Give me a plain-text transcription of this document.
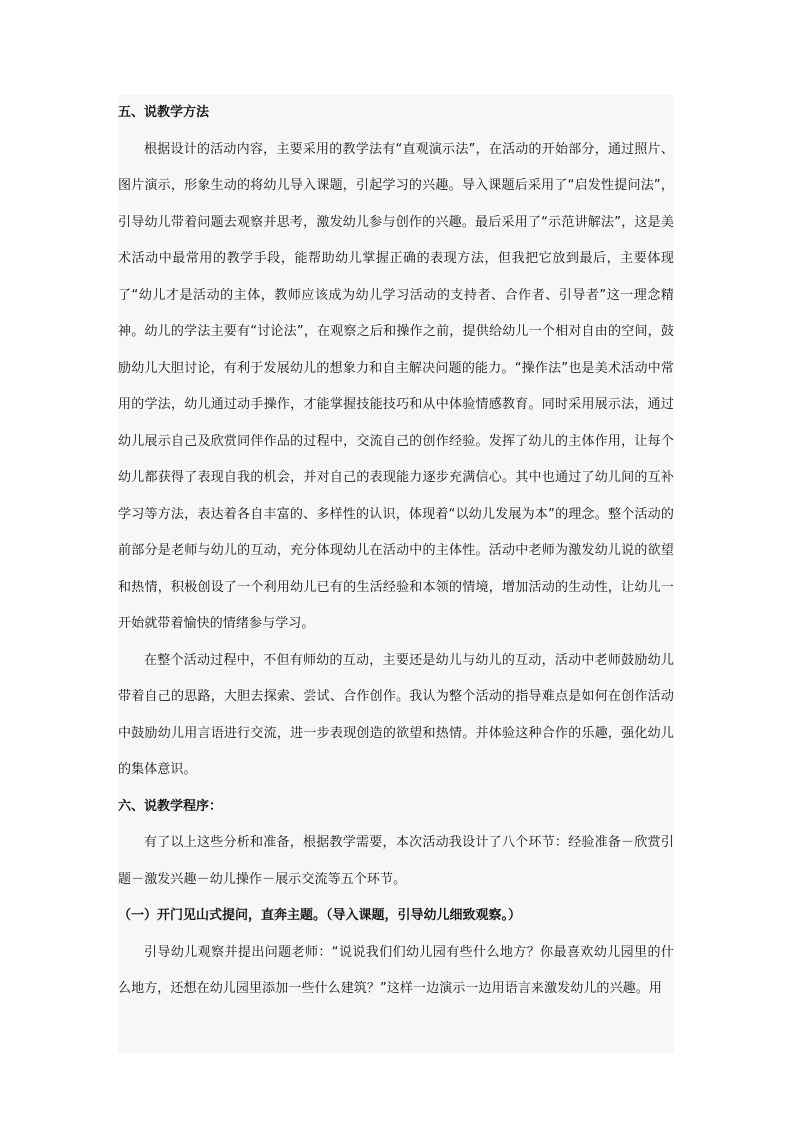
五、说教学方法

根据设计的活动内容，主要采用的教学法有“直观演示法”，在活动的开始部分，通过照片、图片演示，形象生动的将幼儿导入课题，引起学习的兴趣。导入课题后采用了“启发性提问法”，引导幼儿带着问题去观察并思考，激发幼儿参与创作的兴趣。最后采用了“示范讲解法”，这是美术活动中最常用的教学手段，能帮助幼儿掌握正确的表现方法，但我把它放到最后，主要体现了“幼儿才是活动的主体，教师应该成为幼儿学习活动的支持者、合作者、引导者”这一理念精神。幼儿的学法主要有“讨论法”，在观察之后和操作之前，提供给幼儿一个相对自由的空间，鼓励幼儿大胆讨论，有利于发展幼儿的想象力和自主解决问题的能力。“操作法”也是美术活动中常用的学法，幼儿通过动手操作，才能掌握技能技巧和从中体验情感教育。同时采用展示法，通过幼儿展示自己及欣赏同伴作品的过程中，交流自己的创作经验。发挥了幼儿的主体作用，让每个幼儿都获得了表现自我的机会，并对自己的表现能力逐步充满信心。其中也通过了幼儿间的互补学习等方法，表达着各自丰富的、多样性的认识，体现着“以幼儿发展为本”的理念。整个活动的前部分是老师与幼儿的互动，充分体现幼儿在活动中的主体性。活动中老师为激发幼儿说的欲望和热情，积极创设了一个利用幼儿已有的生活经验和本领的情境，增加活动的生动性，让幼儿一开始就带着愉快的情绪参与学习。

在整个活动过程中，不但有师幼的互动，主要还是幼儿与幼儿的互动，活动中老师鼓励幼儿带着自己的思路，大胆去探索、尝试、合作创作。我认为整个活动的指导难点是如何在创作活动中鼓励幼儿用言语进行交流，进一步表现创造的欲望和热情。并体验这种合作的乐趣，强化幼儿的集体意识。

六、说教学程序：

有了以上这些分析和准备，根据教学需要，本次活动我设计了八个环节：经验准备－欣赏引题－激发兴趣－幼儿操作－展示交流等五个环节。

（一）开门见山式提问，直奔主题。（导入课题，引导幼儿细致观察。）

引导幼儿观察并提出问题老师：“说说我们们幼儿园有些什么地方？你最喜欢幼儿园里的什么地方，还想在幼儿园里添加一些什么建筑？”这样一边演示一边用语言来激发幼儿的兴趣。用
